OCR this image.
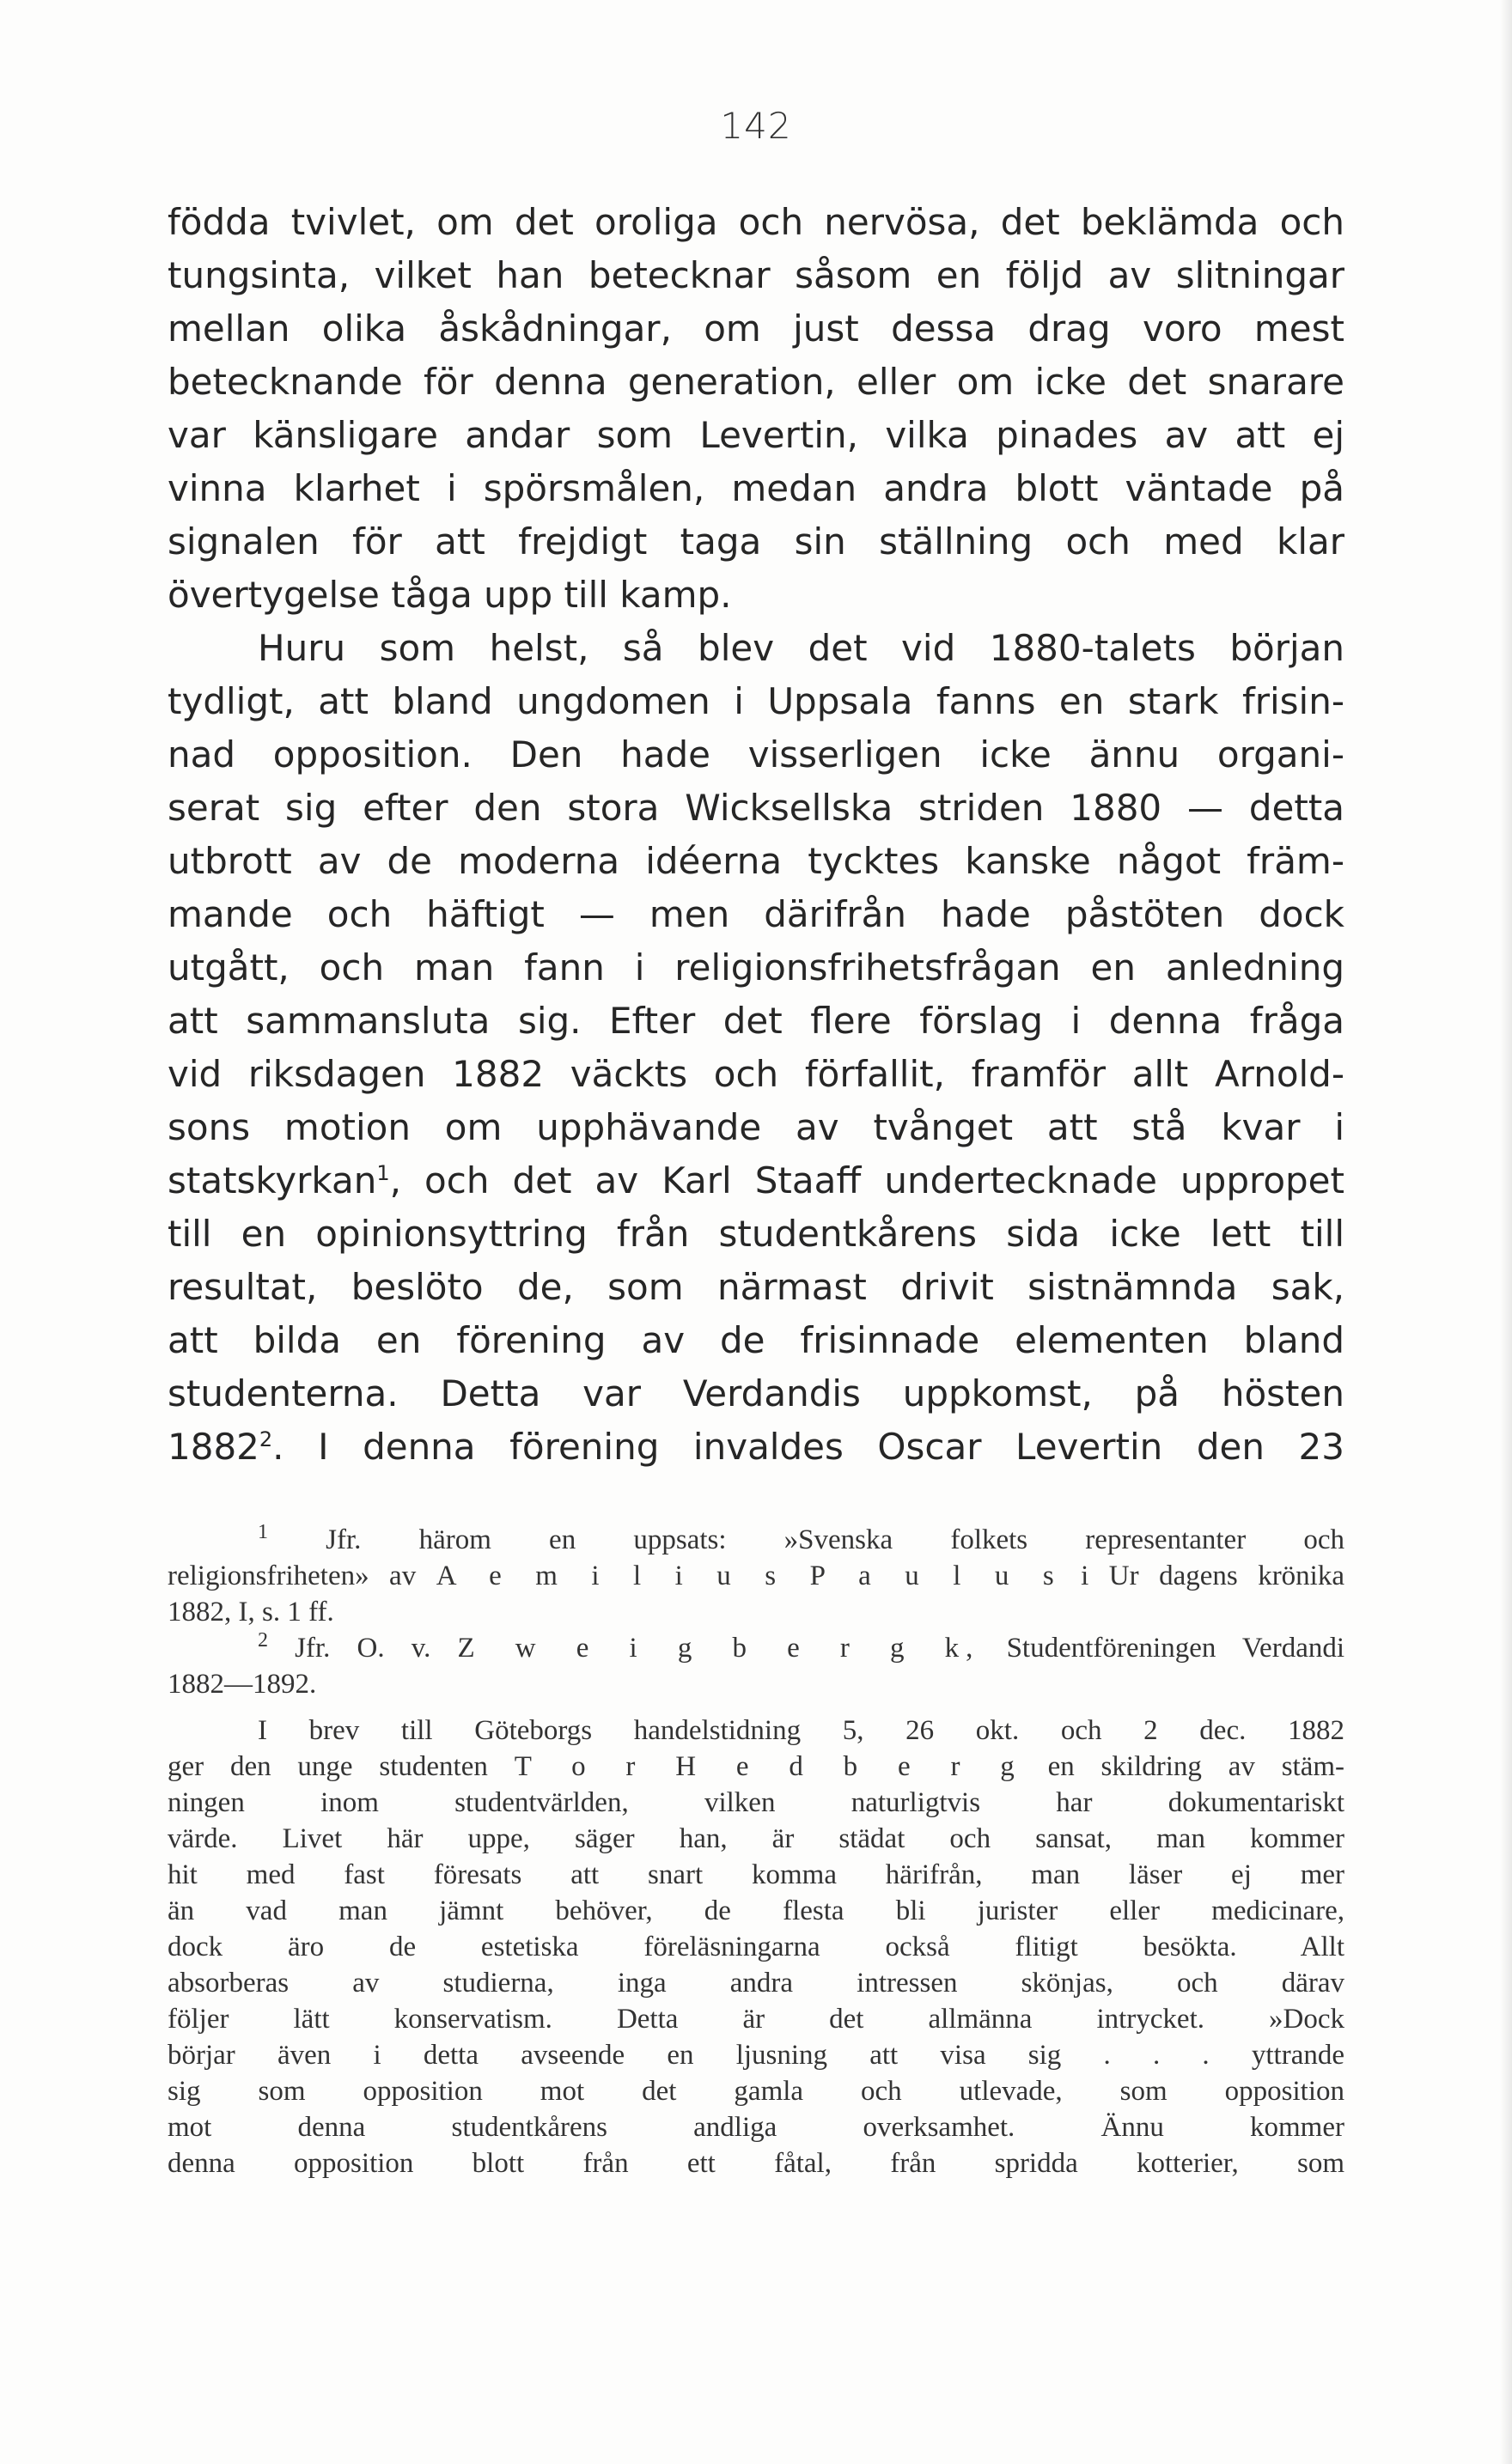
142
födda tvivlet, om det oroliga och nervösa, det beklämda och
tungsinta, vilket han betecknar såsom en följd av slitningar
mellan olika åskådningar, om just dessa drag voro mest
betecknande för denna generation, eller om icke det snarare
var känsligare andar som Levertin, vilka pinades av att ej
vinna klarhet i spörsmålen, medan andra blott väntade på
signalen för att frejdigt taga sin ställning och med klar
övertygelse tåga upp till kamp.
Huru som helst, så blev det vid 1880-talets början
tydligt, att bland ungdomen i Uppsala fanns en stark frisin-
nad opposition. Den hade visserligen icke ännu organi-
serat sig efter den stora Wicksellska striden 1880 — detta
utbrott av de moderna idéerna tycktes kanske något främ-
mande och häftigt — men därifrån hade påstöten dock
utgått, och man fann i religionsfrihetsfrågan en anledning
att sammansluta sig. Efter det flere förslag i denna fråga
vid riksdagen 1882 väckts och förfallit, framför allt Arnold-
sons motion om upphävande av tvånget att stå kvar i
statskyrkan$^1$, och det av Karl Staaff undertecknade uppropet
till en opinionsyttring från studentkårens sida icke lett till
resultat, beslöto de, som närmast drivit sistnämnda sak,
att bilda en förening av de frisinnade elementen bland
studenterna. Detta var Verdandis uppkomst, på hösten
1882$^2$. I denna förening invaldes Oscar Levertin den 23
$^1$ Jfr. härom en uppsats: »Svenska folkets representanter och
religionsfriheten» av A e m i l i u s P a u l u s i Ur dagens krönika
1882, I, s. 1 ff.
$^2$ Jfr. O. v. Z w e i g b e r g k, Studentföreningen Verdandi
1882—1892.
I brev till Göteborgs handelstidning 5, 26 okt. och 2 dec. 1882
ger den unge studenten T o r H e d b e r g en skildring av stäm-
ningen inom studentvärlden, vilken naturligtvis har dokumentariskt
värde. Livet här uppe, säger han, är städat och sansat, man kommer
hit med fast föresats att snart komma härifrån, man läser ej mer
än vad man jämnt behöver, de flesta bli jurister eller medicinare,
dock äro de estetiska föreläsningarna också flitigt besökta. Allt
absorberas av studierna, inga andra intressen skönjas, och därav
följer lätt konservatism. Detta är det allmänna intrycket. »Dock
börjar även i detta avseende en ljusning att visa sig . . . yttrande
sig som opposition mot det gamla och utlevade, som opposition
mot denna studentkårens andliga overksamhet. Ännu kommer
denna opposition blott från ett fåtal, från spridda kotterier, som
